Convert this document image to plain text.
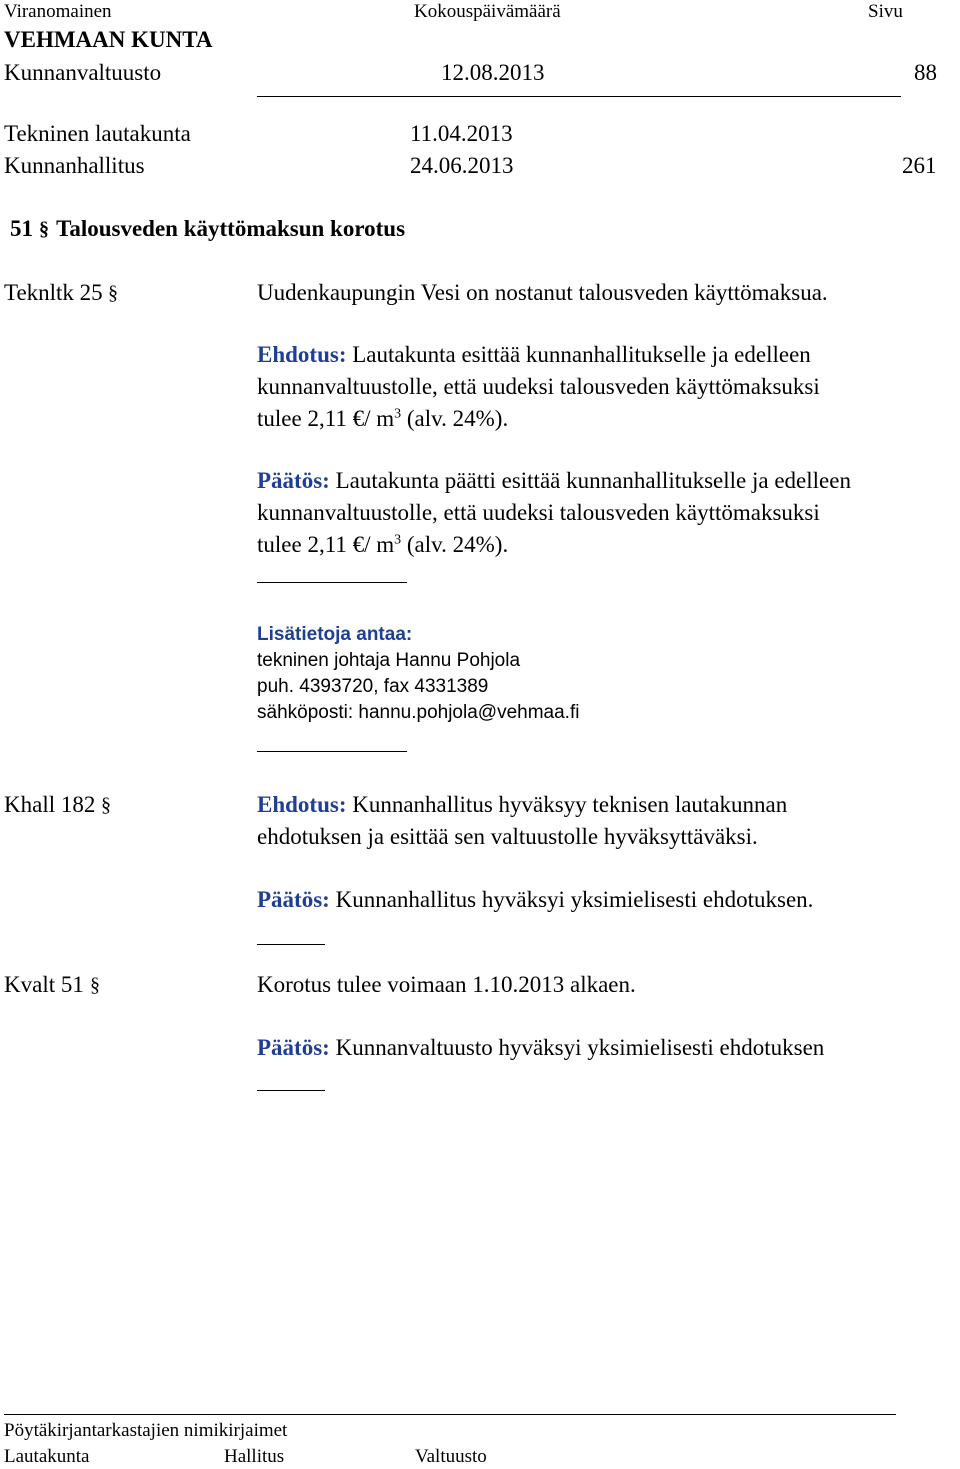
Viranomainen	Kokouspäivämäärä	Sivu
VEHMAAN KUNTA
Kunnanvaltuusto	12.08.2013	88
Tekninen lautakunta	11.04.2013
Kunnanhallitus	24.06.2013	261
51 § Talousveden käyttömaksun korotus
Teknltk 25 §	Uudenkaupungin Vesi on nostanut talousveden käyttömaksua.
Ehdotus: Lautakunta esittää kunnanhallitukselle ja edelleen
kunnanvaltuustolle, että uudeksi talousveden käyttömaksuksi
tulee 2,11 €/ $m^3$ (alv. 24%).
Päätös: Lautakunta päätti esittää kunnanhallitukselle ja edelleen
kunnanvaltuustolle, että uudeksi talousveden käyttömaksuksi
tulee 2,11 €/ $m^3$ (alv. 24%).
Lisätietoja antaa:
tekninen johtaja Hannu Pohjola
puh. 4393720, fax 4331389
sähköposti: hannu.pohjola@vehmaa.fi
Khall 182 §	Ehdotus: Kunnanhallitus hyväksyy teknisen lautakunnan
ehdotuksen ja esittää sen valtuustolle hyväksyttäväksi.
Päätös: Kunnanhallitus hyväksyi yksimielisesti ehdotuksen.
Kvalt 51 §	Korotus tulee voimaan 1.10.2013 alkaen.
Päätös: Kunnanvaltuusto hyväksyi yksimielisesti ehdotuksen
Pöytäkirjantarkastajien nimikirjaimet
Lautakunta	Hallitus	Valtuusto
